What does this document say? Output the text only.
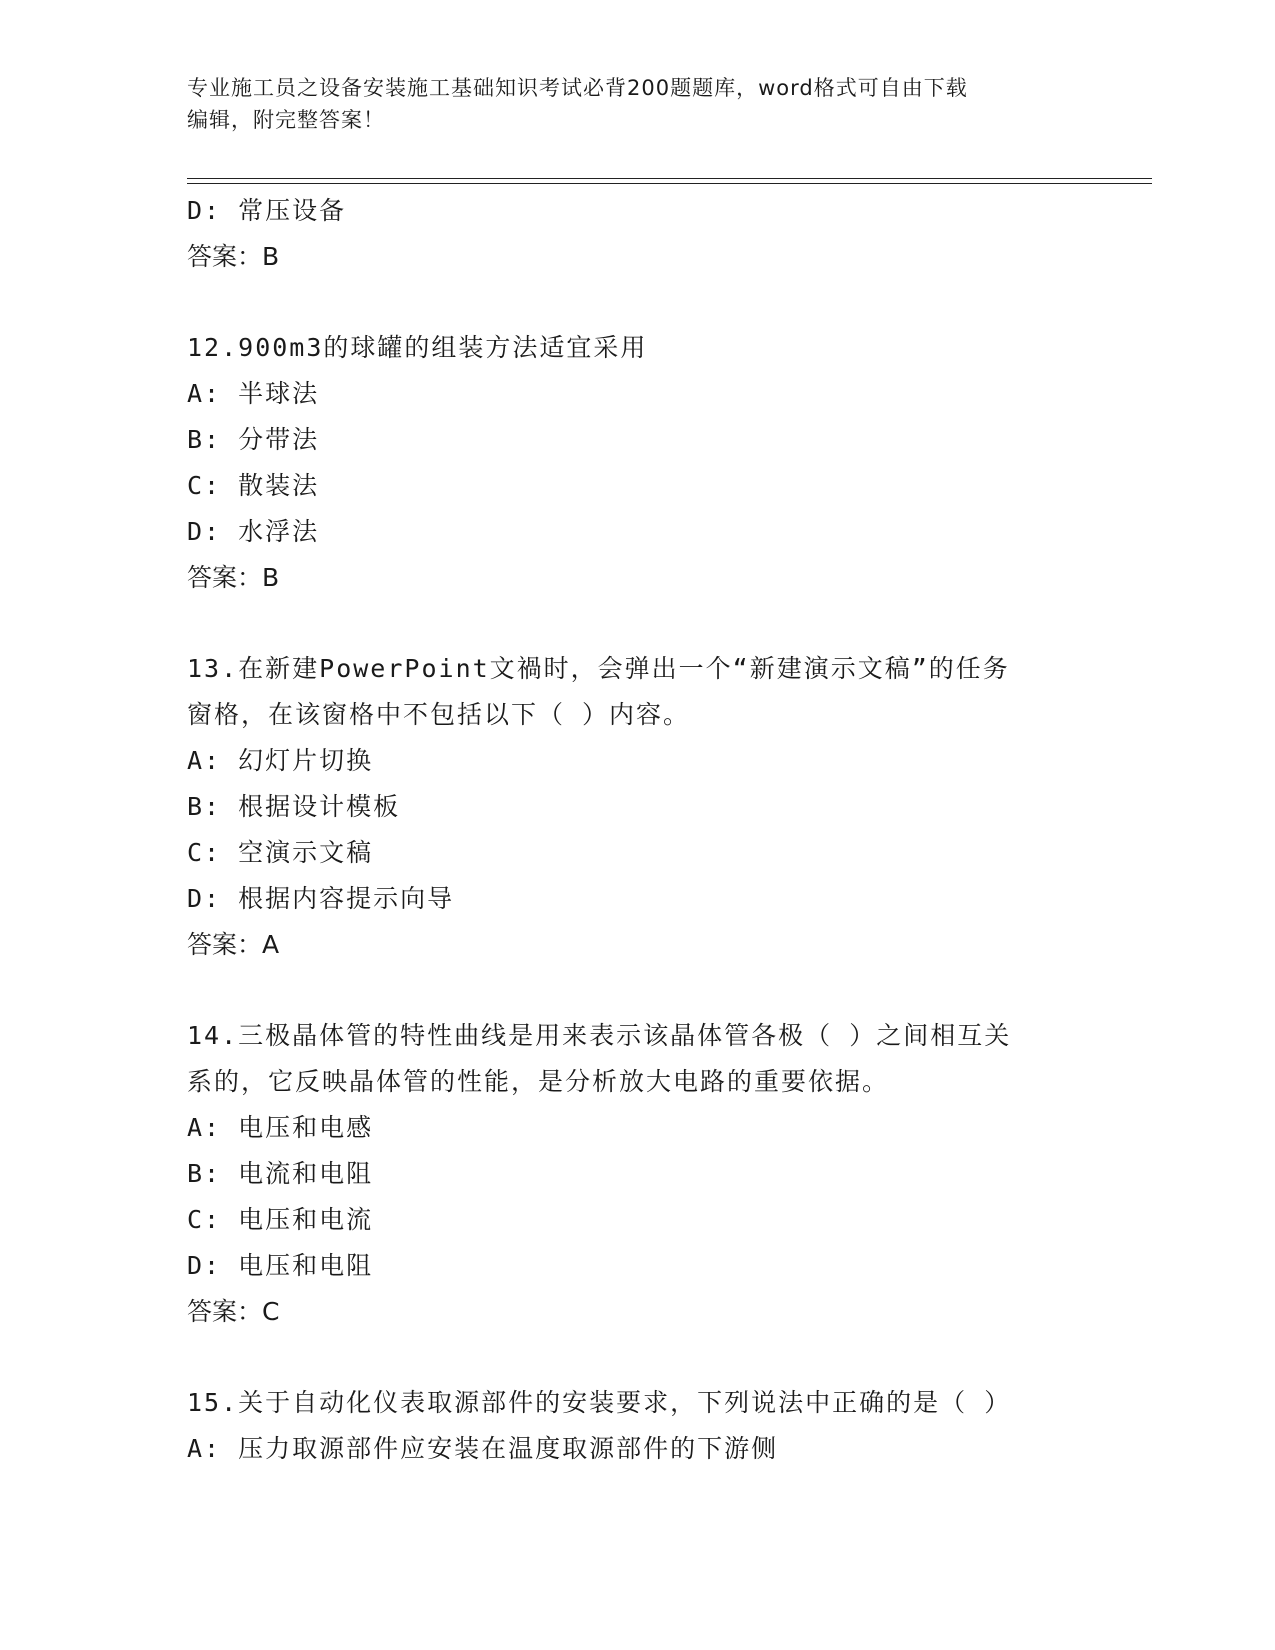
专业施工员之设备安装施工基础知识考试必背200题题库，word格式可自由下载
编辑，附完整答案！
D: 常压设备
答案：B
12.900m3的球罐的组装方法适宜采用
A: 半球法
B: 分带法
C: 散装法
D: 水浮法
答案：B
13.在新建PowerPoint文禍时，会弹出一个“新建演示文稿”的任务
窗格，在该窗格中不包括以下（ ）内容。
A: 幻灯片切换
B: 根据设计模板
C: 空演示文稿
D: 根据内容提示向导
答案：A
14.三极晶体管的特性曲线是用来表示该晶体管各极（ ）之间相互关
系的，它反映晶体管的性能，是分析放大电路的重要依据。
A: 电压和电感
B: 电流和电阻
C: 电压和电流
D: 电压和电阻
答案：C
15.关于自动化仪表取源部件的安装要求，下列说法中正确的是（ ）
A: 压力取源部件应安装在温度取源部件的下游侧
